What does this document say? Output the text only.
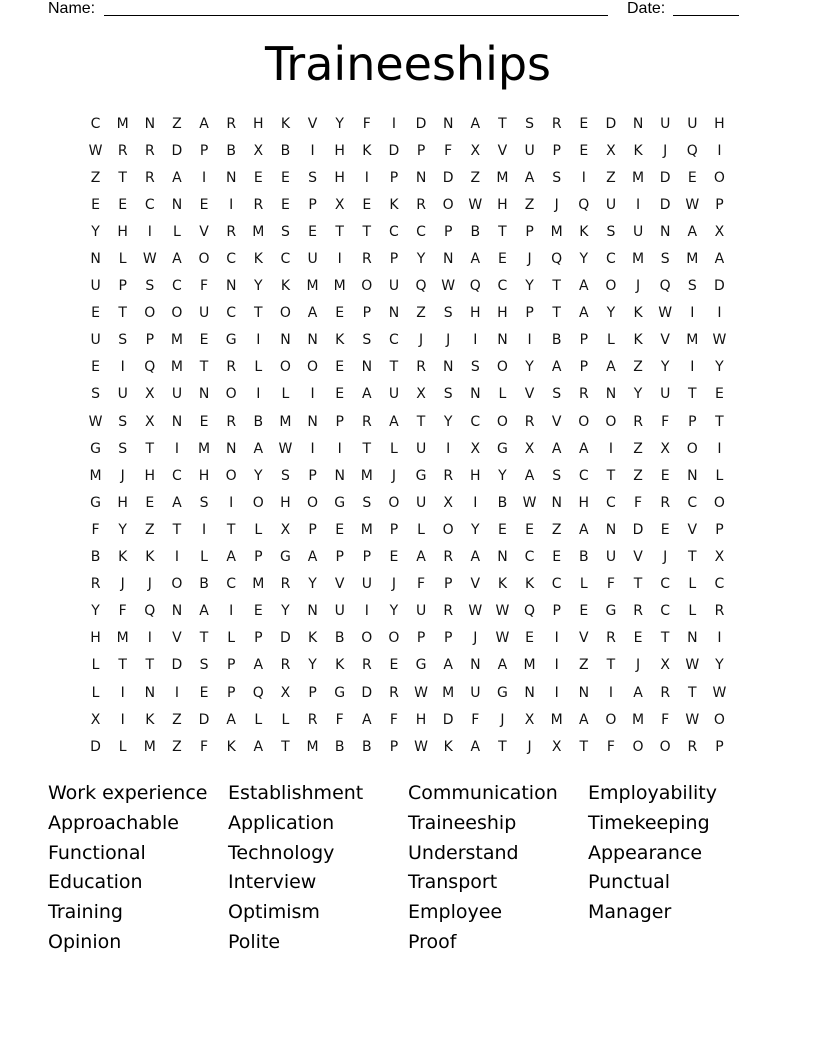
Name:	Date:
Traineeships
C	M	N	Z	A	R	H	K	V	Y	F	I	D	N	A	T	S	R	E	D	N	U	U	H
W	R	R	D	P	B	X	B	I	H	K	D	P	F	X	V	U	P	E	X	K	J	Q	I
Z	T	R	A	I	N	E	E	S	H	I	P	N	D	Z	M	A	S	I	Z	M	D	E	O
E	E	C	N	E	I	R	E	P	X	E	K	R	O	W	H	Z	J	Q	U	I	D	W	P
Y	H	I	L	V	R	M	S	E	T	T	C	C	P	B	T	P	M	K	S	U	N	A	X
N	L	W	A	O	C	K	C	U	I	R	P	Y	N	A	E	J	Q	Y	C	M	S	M	A
U	P	S	C	F	N	Y	K	M	M	O	U	Q	W	Q	C	Y	T	A	O	J	Q	S	D
E	T	O	O	U	C	T	O	A	E	P	N	Z	S	H	H	P	T	A	Y	K	W	I	I
U	S	P	M	E	G	I	N	N	K	S	C	J	J	I	N	I	B	P	L	K	V	M	W
E	I	Q	M	T	R	L	O	O	E	N	T	R	N	S	O	Y	A	P	A	Z	Y	I	Y
S	U	X	U	N	O	I	L	I	E	A	U	X	S	N	L	V	S	R	N	Y	U	T	E
W	S	X	N	E	R	B	M	N	P	R	A	T	Y	C	O	R	V	O	O	R	F	P	T
G	S	T	I	M	N	A	W	I	I	T	L	U	I	X	G	X	A	A	I	Z	X	O	I
M	J	H	C	H	O	Y	S	P	N	M	J	G	R	H	Y	A	S	C	T	Z	E	N	L
G	H	E	A	S	I	O	H	O	G	S	O	U	X	I	B	W	N	H	C	F	R	C	O
F	Y	Z	T	I	T	L	X	P	E	M	P	L	O	Y	E	E	Z	A	N	D	E	V	P
B	K	K	I	L	A	P	G	A	P	P	E	A	R	A	N	C	E	B	U	V	J	T	X
R	J	J	O	B	C	M	R	Y	V	U	J	F	P	V	K	K	C	L	F	T	C	L	C
Y	F	Q	N	A	I	E	Y	N	U	I	Y	U	R	W W	Q	P	E	G	R	C	L	R
H	M	I	V	T	L	P	D	K	B	O	O	P	P	J	W	E	I	V	R	E	T	N	I
L	T	T	D	S	P	A	R	Y	K	R	E	G	A	N	A	M	I	Z	T	J	X	W	Y
L	I	N	I	E	P	Q	X	P	G	D	R	W	M	U	G	N	I	N	I	A	R	T	W
X	I	K	Z	D	A	L	L	R	F	A	F	H	D	F	J	X	M	A	O	M	F	W	O
D	L	M	Z	F	K	A	T	M	B	B	P	W	K	A	T	J	X	T	F	O	O	R	P
Work experience	Establishment	Communication	Employability
Approachable	Application	Traineeship	Timekeeping
Functional	Technology	Understand	Appearance
Education	Interview	Transport	Punctual
Training	Optimism	Employee	Manager
Opinion	Polite	Proof
